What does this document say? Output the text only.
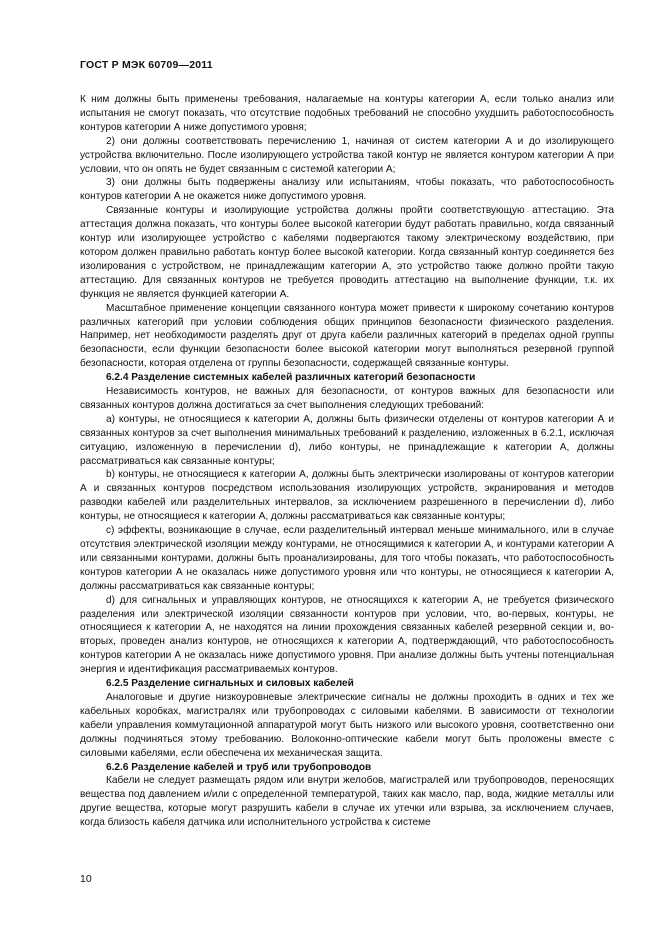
ГОСТ Р МЭК 60709—2011

К ним должны быть применены требования, налагаемые на контуры категории А, если только анализ или испытания не смогут показать, что отсутствие подобных требований не способно ухудшить работоспособность контуров категории А ниже допустимого уровня;

2) они должны соответствовать перечислению 1, начиная от систем категории А и до изолирующего устройства включительно. После изолирующего устройства такой контур не является контуром категории А при условии, что он опять не будет связанным с системой категории А;

3) они должны быть подвержены анализу или испытаниям, чтобы показать, что работоспособность контуров категории А не окажется ниже допустимого уровня.

Связанные контуры и изолирующие устройства должны пройти соответствующую аттестацию. Эта аттестация должна показать, что контуры более высокой категории будут работать правильно, когда связанный контур или изолирующее устройство с кабелями подвергаются такому электрическому воздействию, при котором должен правильно работать контур более высокой категории. Когда связанный контур соединяется без изолирования с устройством, не принадлежащим категории А, это устройство также должно пройти такую аттестацию. Для связанных контуров не требуется проводить аттестацию на выполнение функции, т.к. их функция не является функцией категории А.

Масштабное применение концепции связанного контура может привести к широкому сочетанию контуров различных категорий при условии соблюдения общих принципов безопасности физического разделения. Например, нет необходимости разделять друг от друга кабели различных категорий в пределах одной группы безопасности, если функции безопасности более высокой категории могут выполняться резервной группой безопасности, которая отделена от группы безопасности, содержащей связанные контуры.

6.2.4 Разделение системных кабелей различных категорий безопасности

Независимость контуров, не важных для безопасности, от контуров важных для безопасности или связанных контуров должна достигаться за счет выполнения следующих требований:

a) контуры, не относящиеся к категории А, должны быть физически отделены от контуров категории А и связанных контуров за счет выполнения минимальных требований к разделению, изложенных в 6.2.1, исключая ситуацию, изложенную в перечислении d), либо контуры, не принадлежащие к категории А, должны рассматриваться как связанные контуры;

b) контуры, не относящиеся к категории А, должны быть электрически изолированы от контуров категории А и связанных контуров посредством использования изолирующих устройств, экранирования и методов разводки кабелей или разделительных интервалов, за исключением разрешенного в перечислении d), либо контуры, не относящиеся к категории А, должны рассматриваться как связанные контуры;

c) эффекты, возникающие в случае, если разделительный интервал меньше минимального, или в случае отсутствия электрической изоляции между контурами, не относящимися к категории А, и контурами категории А или связанными контурами, должны быть проанализированы, для того чтобы показать, что работоспособность контуров категории А не оказалась ниже допустимого уровня или что контуры, не относящиеся к категории А, должны рассматриваться как связанные контуры;

d) для сигнальных и управляющих контуров, не относящихся к категории А, не требуется физического разделения или электрической изоляции связанности контуров при условии, что, во-первых, контуры, не относящиеся к категории А, не находятся на линии прохождения связанных кабелей резервной секции и, во-вторых, проведен анализ контуров, не относящихся к категории А, подтверждающий, что работоспособность контуров категории А не оказалась ниже допустимого уровня. При анализе должны быть учтены потенциальная энергия и идентификация рассматриваемых контуров.

6.2.5 Разделение сигнальных и силовых кабелей

Аналоговые и другие низкоуровневые электрические сигналы не должны проходить в одних и тех же кабельных коробках, магистралях или трубопроводах с силовыми кабелями. В зависимости от технологии кабели управления коммутационной аппаратурой могут быть низкого или высокого уровня, соответственно они должны подчиняться этому требованию. Волоконно-оптические кабели могут быть проложены вместе с силовыми кабелями, если обеспечена их механическая защита.

6.2.6 Разделение кабелей и труб или трубопроводов

Кабели не следует размещать рядом или внутри желобов, магистралей или трубопроводов, переносящих вещества под давлением и/или с определенной температурой, таких как масло, пар, вода, жидкие металлы или другие вещества, которые могут разрушить кабели в случае их утечки или взрыва, за исключением случаев, когда близость кабеля датчика или исполнительного устройства к системе

10
